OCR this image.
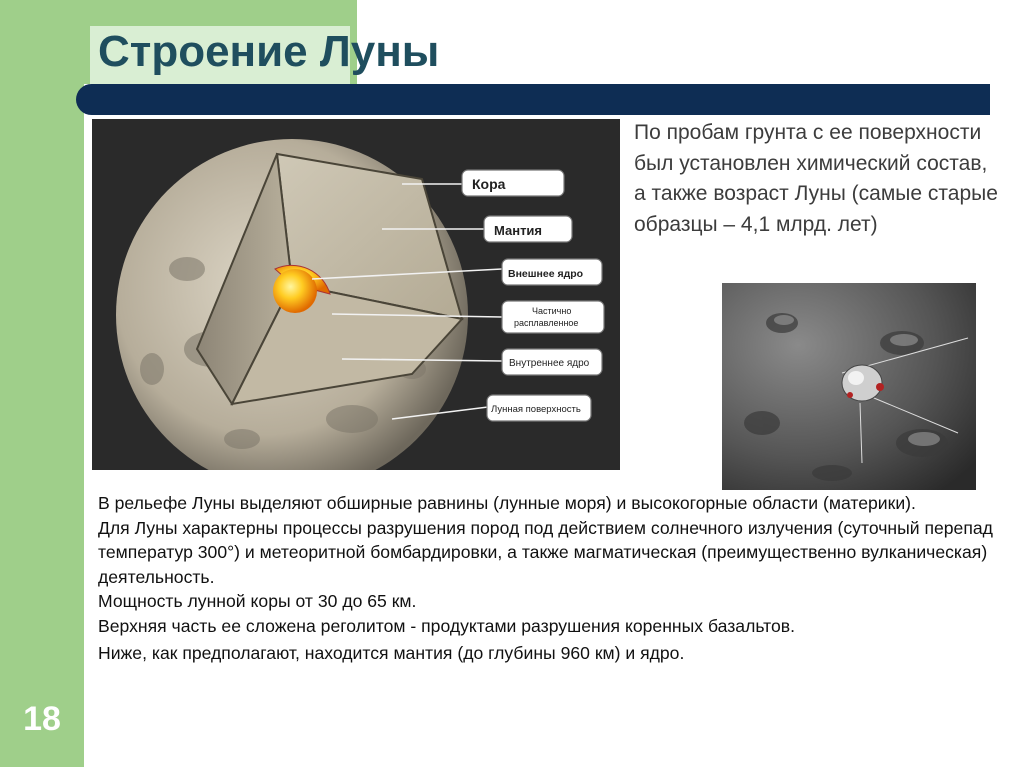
Строение Луны
18
Кора
Мантия
Внешнее ядро
Частично
расплавленное
Внутреннее ядро
Лунная поверхность
По пробам грунта с ее поверхности был установлен химический состав, а также возраст Луны (самые старые образцы – 4,1 млрд. лет)

В рельефе Луны выделяют обширные равнины (лунные моря) и высокогорные области (материки).

Для Луны характерны процессы разрушения пород под действием солнечного излучения (суточный перепад температур 300°) и метеоритной бомбардировки, а также магматическая (преимущественно вулканическая) деятельность.

Мощность лунной коры от 30 до 65 км.

Верхняя часть ее сложена реголитом - продуктами разрушения коренных базальтов.

Ниже, как предполагают, находится мантия (до глубины 960 км) и ядро.
